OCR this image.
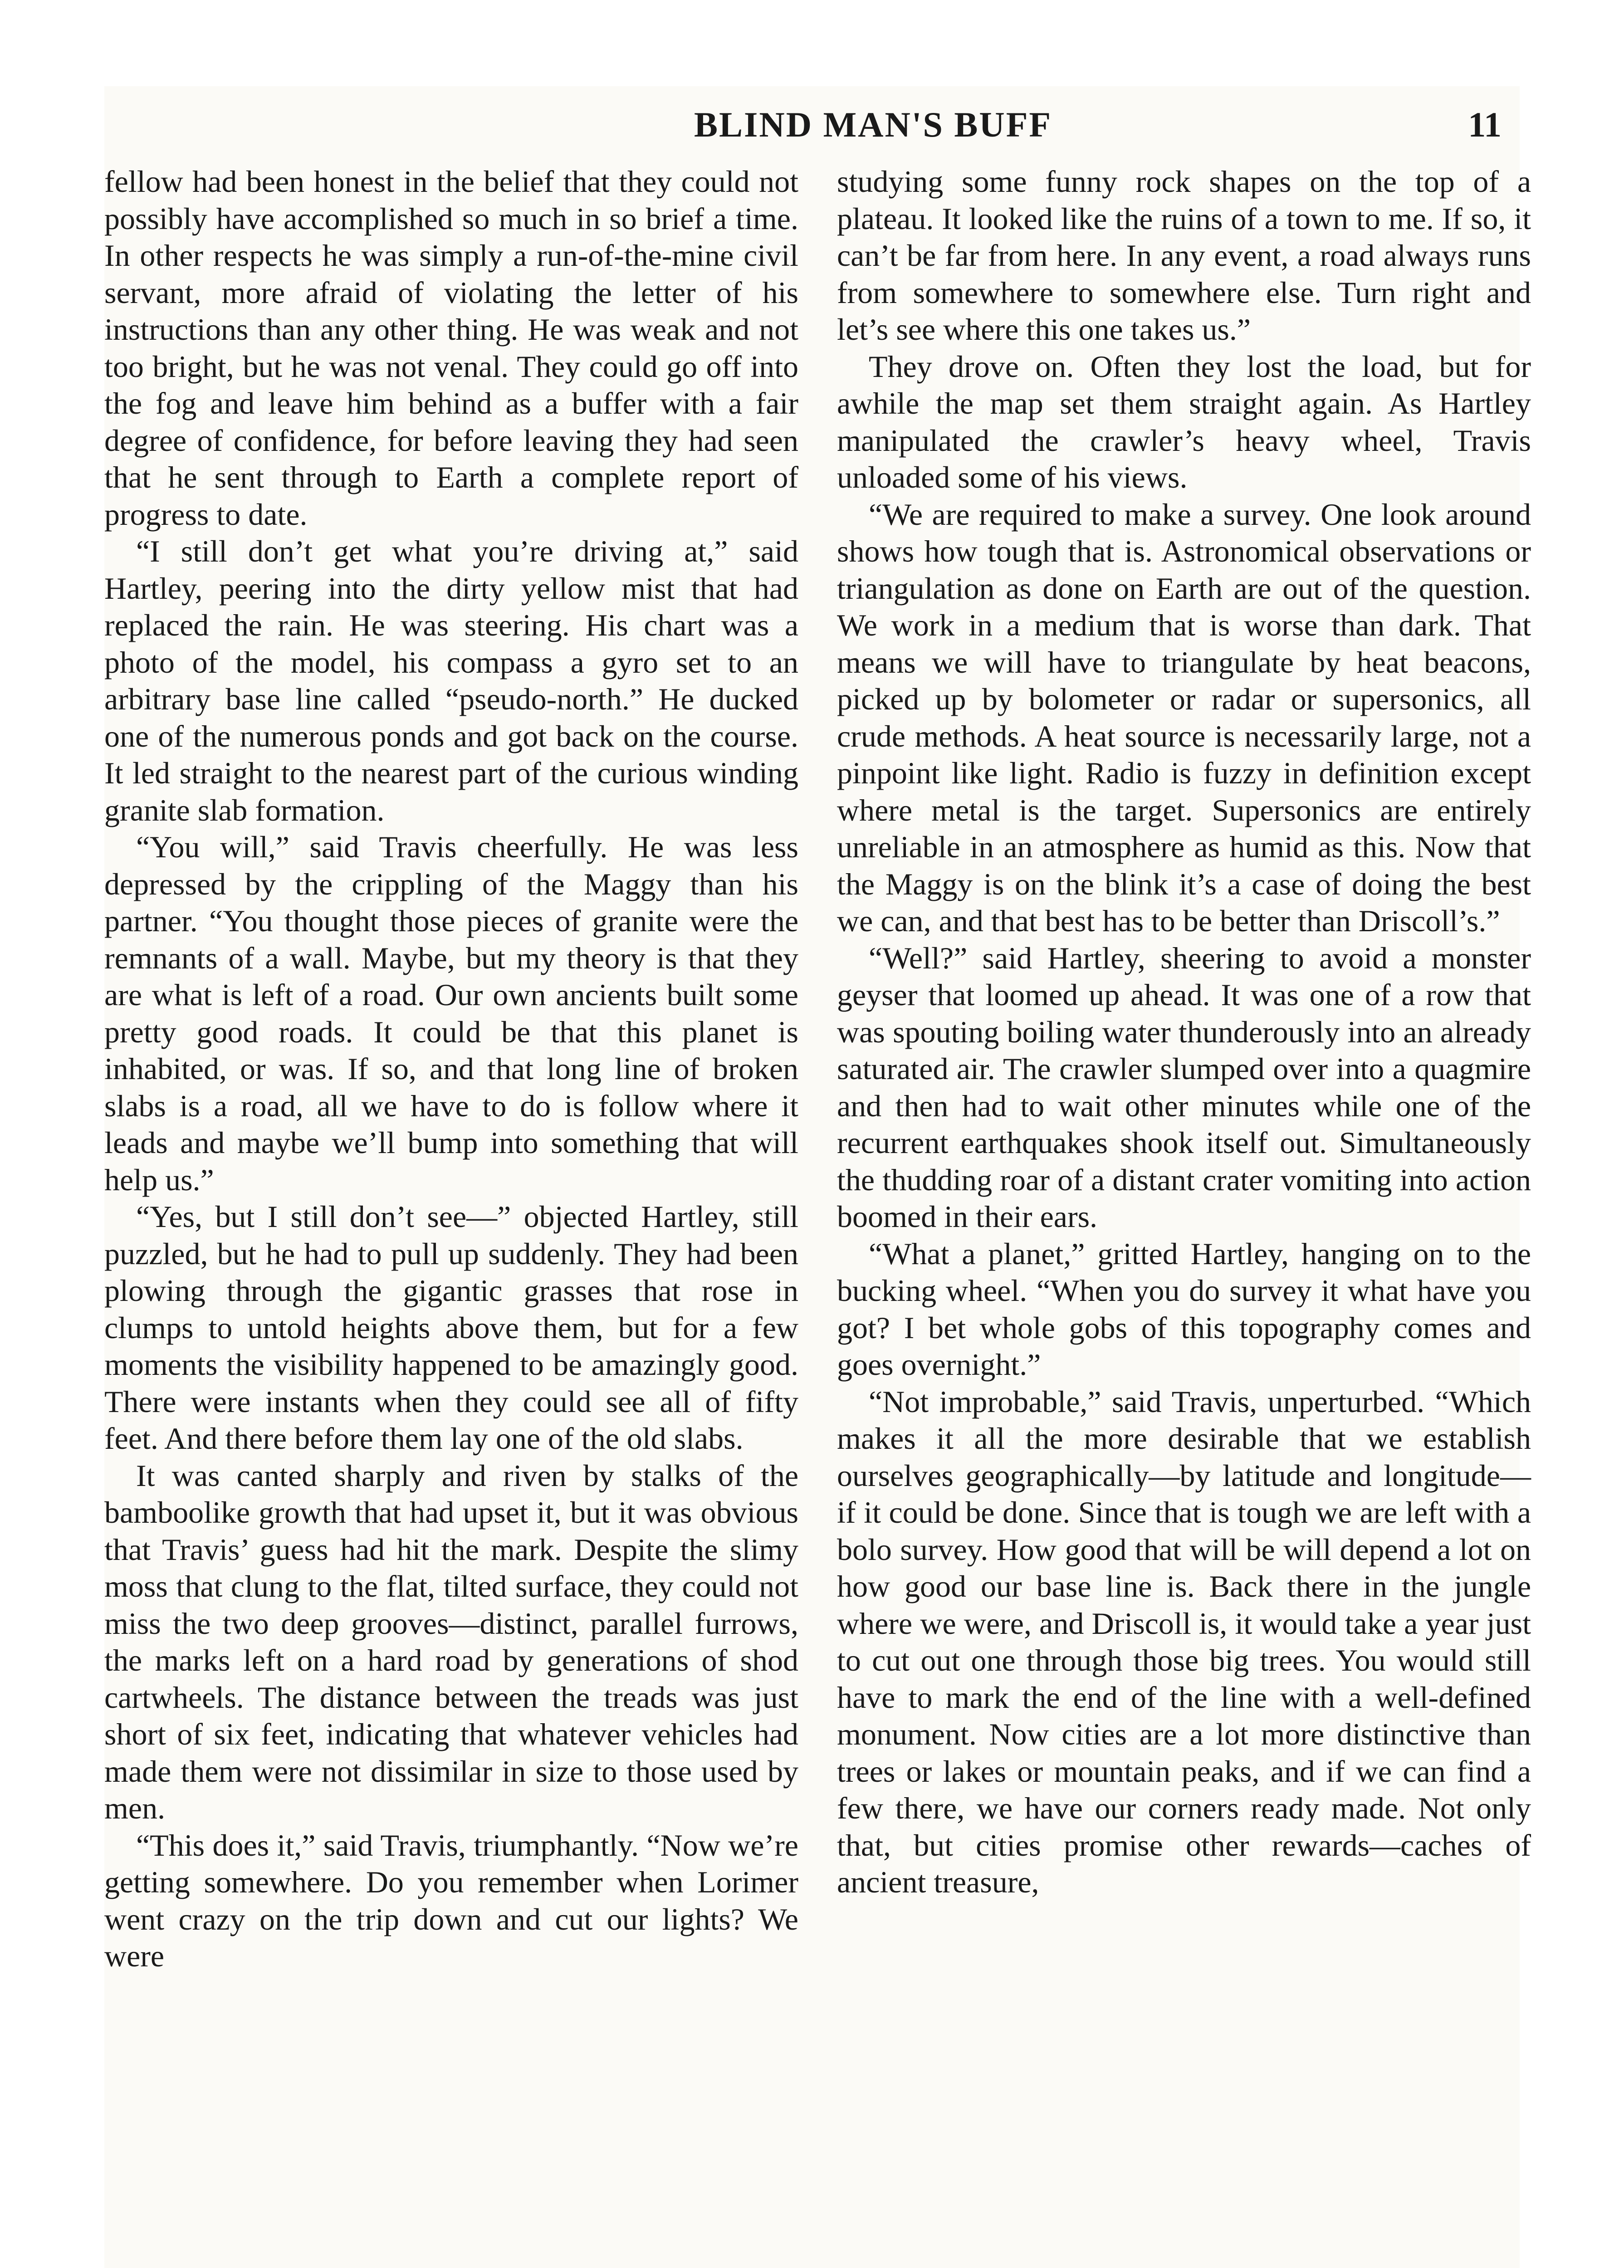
BLIND MAN'S BUFF	11

fellow had been honest in the belief that they could not possibly have accomplished so much in so brief a time. In other respects he was simply a run-of-the-mine civil servant, more afraid of violating the letter of his instructions than any other thing. He was weak and not too bright, but he was not venal. They could go off into the fog and leave him behind as a buffer with a fair degree of confidence, for before leaving they had seen that he sent through to Earth a complete report of progress to date.

“I still don’t get what you’re driving at,” said Hartley, peering into the dirty yellow mist that had replaced the rain. He was steering. His chart was a photo of the model, his compass a gyro set to an arbitrary base line called “pseudo-north.” He ducked one of the numerous ponds and got back on the course. It led straight to the nearest part of the curious winding granite slab formation.

“You will,” said Travis cheerfully. He was less depressed by the crippling of the Maggy than his partner. “You thought those pieces of granite were the remnants of a wall. Maybe, but my theory is that they are what is left of a road. Our own ancients built some pretty good roads. It could be that this planet is inhabited, or was. If so, and that long line of broken slabs is a road, all we have to do is follow where it leads and maybe we’ll bump into something that will help us.”

“Yes, but I still don’t see—” objected Hartley, still puzzled, but he had to pull up suddenly. They had been plowing through the gigantic grasses that rose in clumps to untold heights above them, but for a few moments the visibility happened to be amazingly good. There were instants when they could see all of fifty feet. And there before them lay one of the old slabs.

It was canted sharply and riven by stalks of the bamboolike growth that had upset it, but it was obvious that Travis’ guess had hit the mark. Despite the slimy moss that clung to the flat, tilted surface, they could not miss the two deep grooves—distinct, parallel furrows, the marks left on a hard road by generations of shod cartwheels. The distance between the treads was just short of six feet, indicating that whatever vehicles had made them were not dissimilar in size to those used by men.

“This does it,” said Travis, triumphantly. “Now we’re getting somewhere. Do you remember when Lorimer went crazy on the trip down and cut our lights? We were

studying some funny rock shapes on the top of a plateau. It looked like the ruins of a town to me. If so, it can’t be far from here. In any event, a road always runs from somewhere to somewhere else. Turn right and let’s see where this one takes us.”

They drove on. Often they lost the load, but for awhile the map set them straight again. As Hartley manipulated the crawler’s heavy wheel, Travis unloaded some of his views.

“We are required to make a survey. One look around shows how tough that is. Astronomical observations or triangulation as done on Earth are out of the question. We work in a medium that is worse than dark. That means we will have to triangulate by heat beacons, picked up by bolometer or radar or supersonics, all crude methods. A heat source is necessarily large, not a pinpoint like light. Radio is fuzzy in definition except where metal is the target. Supersonics are entirely unreliable in an atmosphere as humid as this. Now that the Maggy is on the blink it’s a case of doing the best we can, and that best has to be better than Driscoll’s.”

“Well?” said Hartley, sheering to avoid a monster geyser that loomed up ahead. It was one of a row that was spouting boiling water thunderously into an already saturated air. The crawler slumped over into a quagmire and then had to wait other minutes while one of the recurrent earthquakes shook itself out. Simultaneously the thudding roar of a distant crater vomiting into action boomed in their ears.

“What a planet,” gritted Hartley, hanging on to the bucking wheel. “When you do survey it what have you got? I bet whole gobs of this topography comes and goes overnight.”

“Not improbable,” said Travis, unperturbed. “Which makes it all the more desirable that we establish ourselves geographically—by latitude and longitude—if it could be done. Since that is tough we are left with a bolo survey. How good that will be will depend a lot on how good our base line is. Back there in the jungle where we were, and Driscoll is, it would take a year just to cut out one through those big trees. You would still have to mark the end of the line with a well-defined monument. Now cities are a lot more distinctive than trees or lakes or mountain peaks, and if we can find a few there, we have our corners ready made. Not only that, but cities promise other rewards—caches of ancient treasure,
